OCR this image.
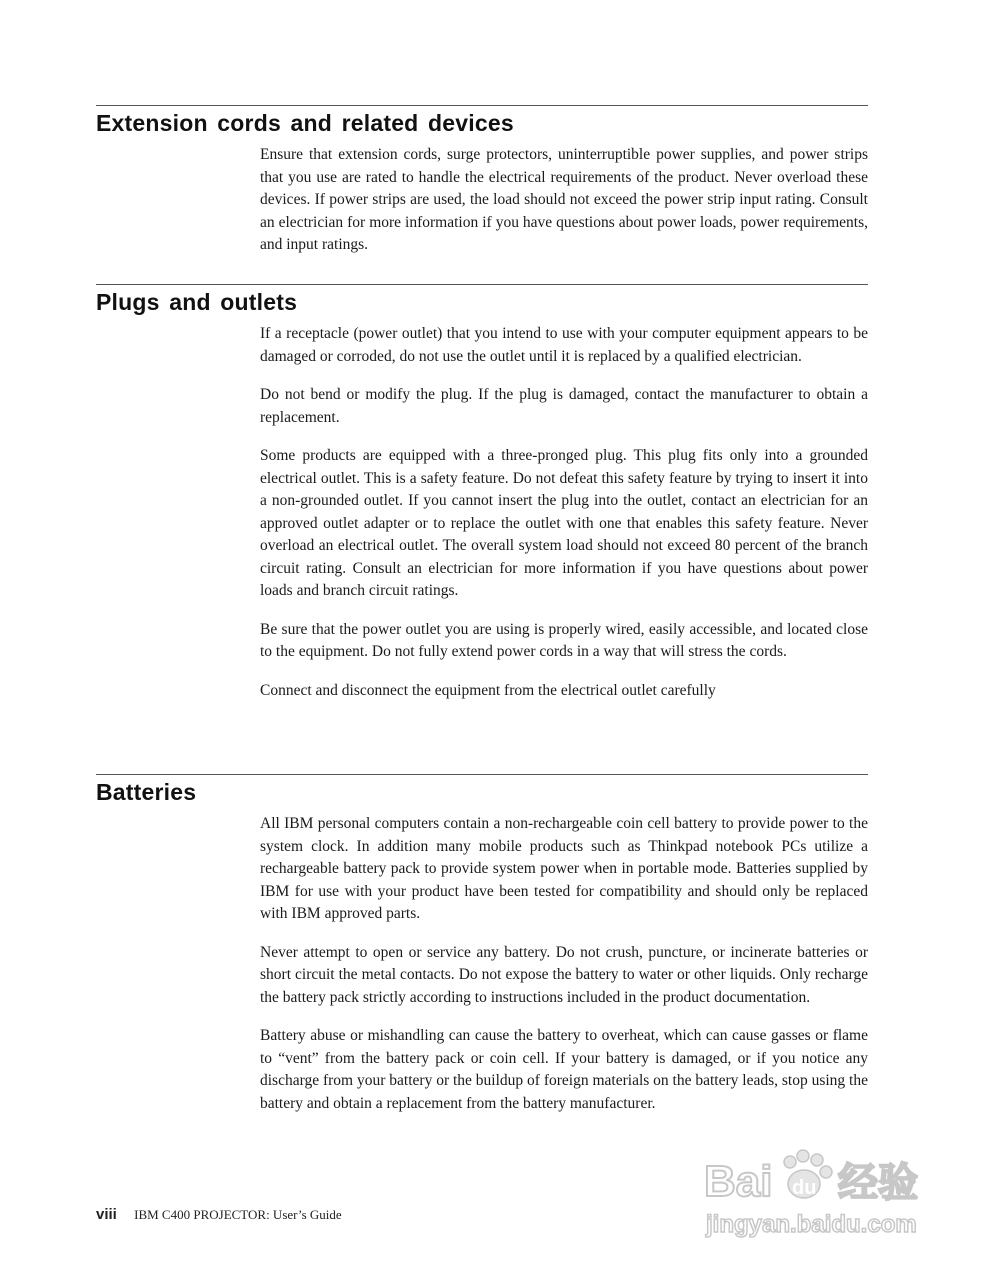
Extension cords and related devices

Ensure that extension cords, surge protectors, uninterruptible power supplies, and power strips that you use are rated to handle the electrical requirements of the product. Never overload these devices. If power strips are used, the load should not exceed the power strip input rating. Consult an electrician for more information if you have questions about power loads, power requirements, and input ratings.

Plugs and outlets

If a receptacle (power outlet) that you intend to use with your computer equipment appears to be damaged or corroded, do not use the outlet until it is replaced by a qualified electrician.

Do not bend or modify the plug. If the plug is damaged, contact the manufacturer to obtain a replacement.

Some products are equipped with a three-pronged plug. This plug fits only into a grounded electrical outlet. This is a safety feature. Do not defeat this safety feature by trying to insert it into a non-grounded outlet. If you cannot insert the plug into the outlet, contact an electrician for an approved outlet adapter or to replace the outlet with one that enables this safety feature. Never overload an electrical outlet. The overall system load should not exceed 80 percent of the branch circuit rating. Consult an electrician for more information if you have questions about power loads and branch circuit ratings.

Be sure that the power outlet you are using is properly wired, easily accessible, and located close to the equipment. Do not fully extend power cords in a way that will stress the cords.

Connect and disconnect the equipment from the electrical outlet carefully

Batteries

All IBM personal computers contain a non-rechargeable coin cell battery to provide power to the system clock. In addition many mobile products such as Thinkpad notebook PCs utilize a rechargeable battery pack to provide system power when in portable mode. Batteries supplied by IBM for use with your product have been tested for compatibility and should only be replaced with IBM approved parts.

Never attempt to open or service any battery. Do not crush, puncture, or incinerate batteries or short circuit the metal contacts. Do not expose the battery to water or other liquids. Only recharge the battery pack strictly according to instructions included in the product documentation.

Battery abuse or mishandling can cause the battery to overheat, which can cause gasses or flame to “vent” from the battery pack or coin cell. If your battery is damaged, or if you notice any discharge from your battery or the buildup of foreign materials on the battery leads, stop using the battery and obtain a replacement from the battery manufacturer.

viii IBM C400 PROJECTOR: User’s Guide
Bai du 经验
jingyan.baidu.com
